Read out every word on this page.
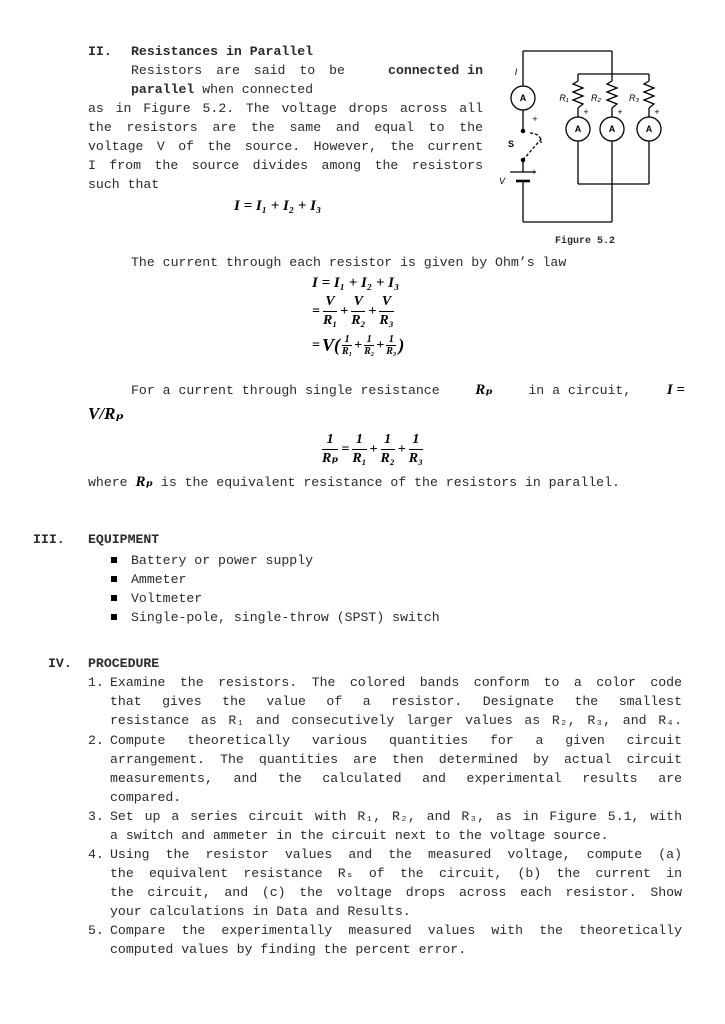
II. Resistances in Parallel
Resistors are said to be	connected in
parallel when connected
as in Figure 5.2. The voltage drops across all
the resistors are the same and equal to the
voltage V of the source. However, the current
I from the source divides among the resistors
such that
I = I₁ + I₂ + I₃
A
A	A	A
I
S
V
+
+	+	+
+
R₁ R₂	R₃
Figure 5.2
The current through each resistor is given by Ohm’s law
I = I₁ + I₂ + I₃
= $\frac{V}{\text{R₁}} + \frac{V}{\text{R₂}} + \frac{V}{\text{R₃}}$
= $V( \frac{1}{\text{R₁}} + \frac{1}{\text{R₂}} + \frac{1}{\text{R₃}}$ )
For a current through single resistance Rₚ	in a circuit, I =
V/Rₚ
$\frac{1}{\text{Rₚ}} = \frac{1}{\text{R₁}} + \frac{1}{\text{R₂}} + \frac{1}{\text{R₃}}$
where Rₚ is the equivalent resistance of the resistors in parallel.
III. EQUIPMENT
Battery or power supply
Ammeter
Voltmeter
Single-pole, single-throw (SPST) switch
IV. PROCEDURE
1. Examine the resistors. The colored bands conform to a color code
that gives the value of a resistor. Designate the smallest
resistance as R₁ and consecutively larger values as R₂, R₃, and R₄.
2. Compute theoretically various quantities for a given circuit
arrangement. The quantities are then determined by actual circuit
measurements, and the calculated and experimental results are
compared.
3. Set up a series circuit with R₁, R₂, and R₃, as in Figure 5.1, with
a switch and ammeter in the circuit next to the voltage source.
4. Using the resistor values and the measured voltage, compute (a)
the equivalent resistance Rₛ of the circuit, (b) the current in
the circuit, and (c) the voltage drops across each resistor. Show
your calculations in Data and Results.
5. Compare the experimentally measured values with the theoretically
computed values by finding the percent error.
